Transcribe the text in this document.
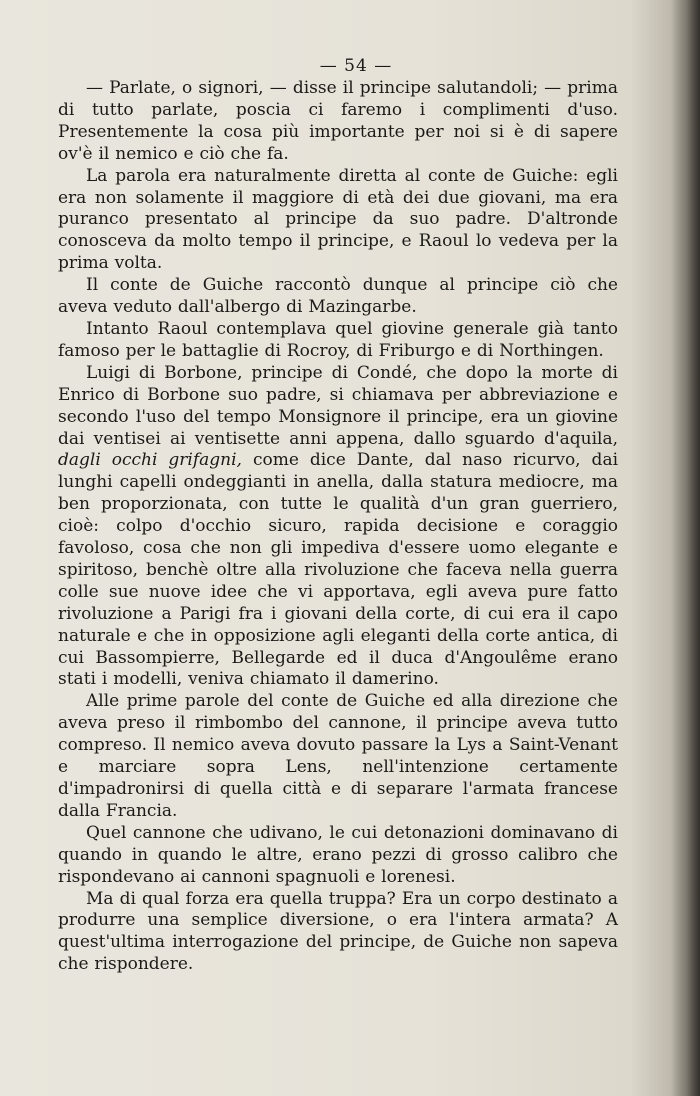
— 54 —

— Parlate, o signori, — disse il principe salutandoli; — prima di tutto parlate, poscia ci faremo i complimenti d'uso. Presentemente la cosa più importante per noi si è di sapere ov'è il nemico e ciò che fa.

La parola era naturalmente diretta al conte de Guiche: egli era non solamente il maggiore di età dei due giovani, ma era puranco presentato al principe da suo padre. D'altronde conosceva da molto tempo il principe, e Raoul lo vedeva per la prima volta.

Il conte de Guiche raccontò dunque al principe ciò che aveva veduto dall'albergo di Mazingarbe.

Intanto Raoul contemplava quel giovine generale già tanto famoso per le battaglie di Rocroy, di Friburgo e di Northingen.

Luigi di Borbone, principe di Condé, che dopo la morte di Enrico di Borbone suo padre, si chiamava per abbreviazione e secondo l'uso del tempo Monsignore il principe, era un giovine dai ventisei ai ventisette anni appena, dallo sguardo d'aquila, dagli occhi grifagni, come dice Dante, dal naso ricurvo, dai lunghi capelli ondeggianti in anella, dalla statura mediocre, ma ben proporzionata, con tutte le qualità d'un gran guerriero, cioè: colpo d'occhio sicuro, rapida decisione e coraggio favoloso, cosa che non gli impediva d'essere uomo elegante e spiritoso, benchè oltre alla rivoluzione che faceva nella guerra colle sue nuove idee che vi apportava, egli aveva pure fatto rivoluzione a Parigi fra i giovani della corte, di cui era il capo naturale e che in opposizione agli eleganti della corte antica, di cui Bassompierre, Bellegarde ed il duca d'Angoulême erano stati i modelli, veniva chiamato il damerino.

Alle prime parole del conte de Guiche ed alla direzione che aveva preso il rimbombo del cannone, il principe aveva tutto compreso. Il nemico aveva dovuto passare la Lys a Saint-Venant e marciare sopra Lens, nell'intenzione certamente d'impadronirsi di quella città e di separare l'armata francese dalla Francia.

Quel cannone che udivano, le cui detonazioni dominavano di quando in quando le altre, erano pezzi di grosso calibro che rispondevano ai cannoni spagnuoli e lorenesi.

Ma di qual forza era quella truppa? Era un corpo destinato a produrre una semplice diversione, o era l'intera armata? A quest'ultima interrogazione del principe, de Guiche non sapeva che rispondere.
